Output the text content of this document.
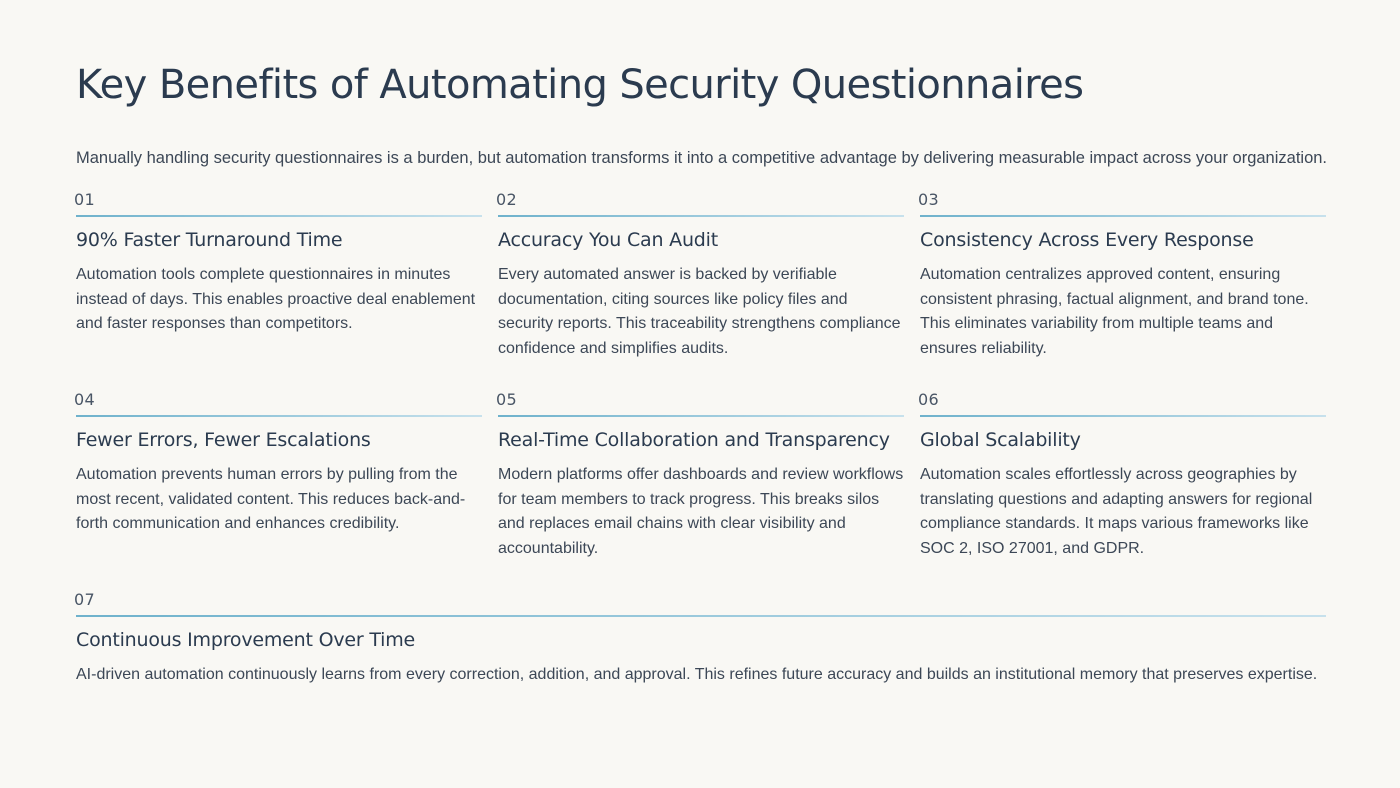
Key Benefits of Automating Security Questionnaires

Manually handling security questionnaires is a burden, but automation transforms it into a competitive advantage by delivering measurable impact across your organization.

01
90% Faster Turnaround Time

Automation tools complete questionnaires in minutes instead of days. This enables proactive deal enablement and faster responses than competitors.

02
Accuracy You Can Audit

Every automated answer is backed by verifiable documentation, citing sources like policy files and security reports. This traceability strengthens compliance confidence and simplifies audits.

03
Consistency Across Every Response

Automation centralizes approved content, ensuring consistent phrasing, factual alignment, and brand tone. This eliminates variability from multiple teams and ensures reliability.

04
Fewer Errors, Fewer Escalations

Automation prevents human errors by pulling from the most recent, validated content. This reduces back-and-forth communication and enhances credibility.

05
Real-Time Collaboration and Transparency

Modern platforms offer dashboards and review workflows for team members to track progress. This breaks silos and replaces email chains with clear visibility and accountability.

06
Global Scalability

Automation scales effortlessly across geographies by translating questions and adapting answers for regional compliance standards. It maps various frameworks like SOC 2, ISO 27001, and GDPR.

07
Continuous Improvement Over Time

AI-driven automation continuously learns from every correction, addition, and approval. This refines future accuracy and builds an institutional memory that preserves expertise.
